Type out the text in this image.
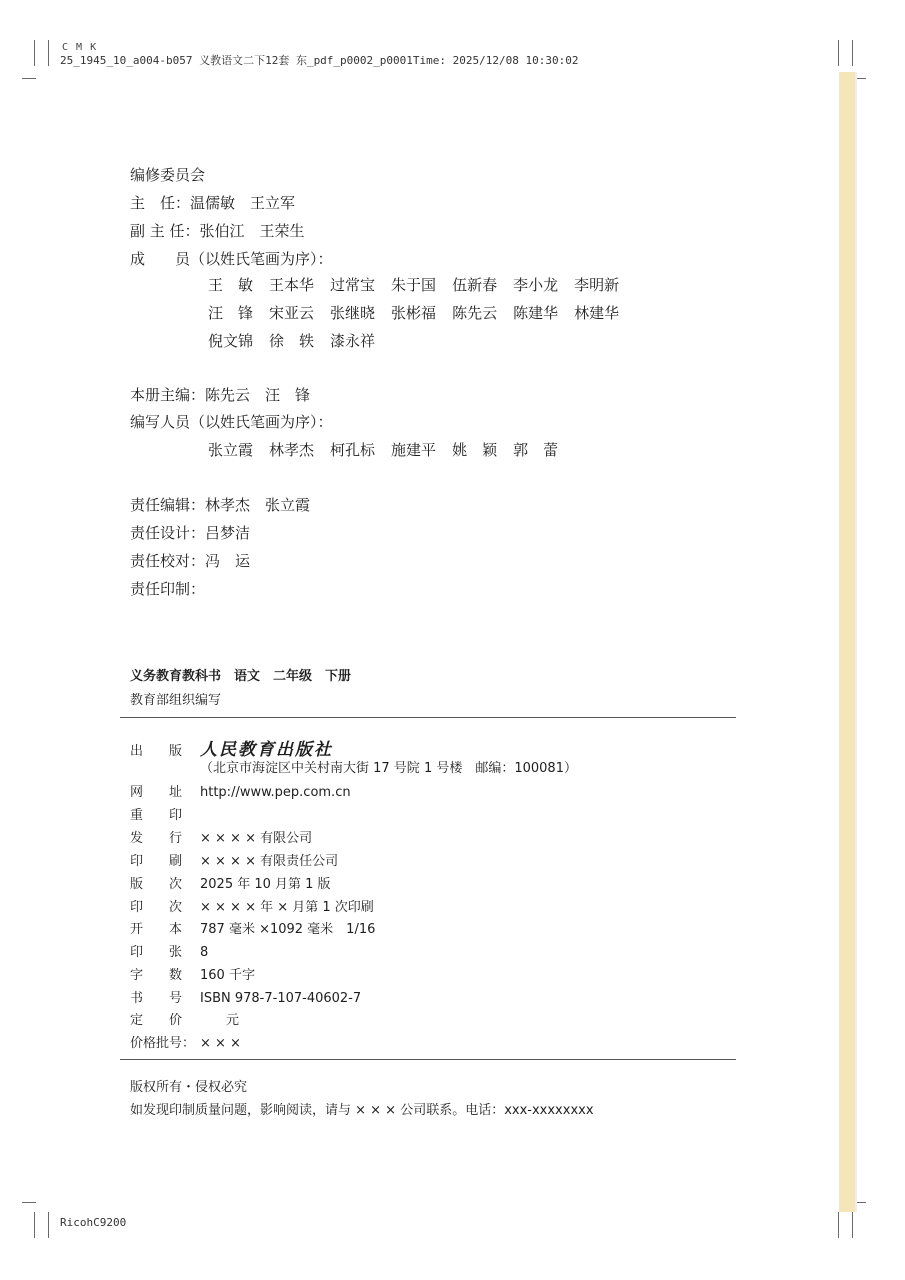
C M K
25_1945_10_a004-b057 义教语文二下12套 东_pdf_p0002_p0001Time: 2025/12/08 10:30:02
编修委员会
主　任：温儒敏　王立军
副 主 任：张伯江　王荣生
成　　员（以姓氏笔画为序）：
王　敏 王本华 过常宝 朱于国 伍新春 李小龙 李明新
汪　锋 宋亚云 张继晓 张彬福 陈先云 陈建华 林建华
倪文锦 徐　轶 漆永祥
本册主编：陈先云　汪　锋
编写人员（以姓氏笔画为序）：
张立霞 林孝杰 柯孔标 施建平 姚　颖 郭　蕾
责任编辑：林孝杰　张立霞
责任设计：吕梦洁
责任校对：冯　运
责任印制：
义务教育教科书　语文　二年级　下册
教育部组织编写
出　　版 人民教育出版社
（北京市海淀区中关村南大街 17 号院 1 号楼　邮编：100081）
网　　址 http://www.pep.com.cn
重　　印
发　　行 × × × × 有限公司
印　　刷 × × × × 有限责任公司
版　　次 2025 年 10 月第 1 版
印　　次 × × × × 年 × 月第 1 次印刷
开　　本 787 毫米 ×1092 毫米　1/16
印　　张 8
字　　数 160 千字
书　　号 ISBN 978-7-107-40602-7
定　　价　　元
价格批号： × × ×
版权所有・侵权必究
如发现印制质量问题，影响阅读，请与 × × × 公司联系。电话：xxx-xxxxxxxx
RicohC9200
